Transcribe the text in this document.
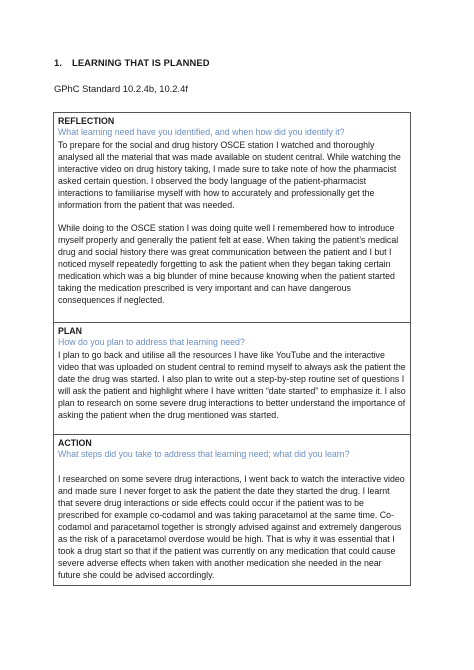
1. LEARNING THAT IS PLANNED
GPhC Standard 10.2.4b, 10.2.4f
REFLECTION
What learning need have you identified, and when how did you identify it?

To prepare for the social and drug history OSCE station I watched and thoroughly analysed all the material that was made available on student central. While watching the interactive video on drug history taking, I made sure to take note of how the pharmacist asked certain question. I observed the body language of the patient-pharmacist interactions to familiarise myself with how to accurately and professionally get the information from the patient that was needed.

While doing to the OSCE station I was doing quite well I remembered how to introduce myself properly and generally the patient felt at ease. When taking the patient’s medical drug and social history there was great communication between the patient and I but I noticed myself repeatedly forgetting to ask the patient when they began taking certain medication which was a big blunder of mine because knowing when the patient started taking the medication prescribed is very important and can have dangerous consequences if neglected.

PLAN
How do you plan to address that learning need?

I plan to go back and utilise all the resources I have like YouTube and the interactive video that was uploaded on student central to remind myself to always ask the patient the date the drug was started. I also plan to write out a step-by-step routine set of questions I will ask the patient and highlight where I have written “date started” to emphasize it. I also plan to research on some severe drug interactions to better understand the importance of asking the patient when the drug mentioned was started.

ACTION
What steps did you take to address that learning need; what did you learn?

I researched on some severe drug interactions, I went back to watch the interactive video and made sure I never forget to ask the patient the date they started the drug. I learnt that severe drug interactions or side effects could occur if the patient was to be prescribed for example co-codamol and was taking paracetamol at the same time. Co-codamol and paracetamol together is strongly advised against and extremely dangerous as the risk of a paracetamol overdose would be high. That is why it was essential that I took a drug start so that if the patient was currently on any medication that could cause severe adverse effects when taken with another medication she needed in the near future she could be advised accordingly.
